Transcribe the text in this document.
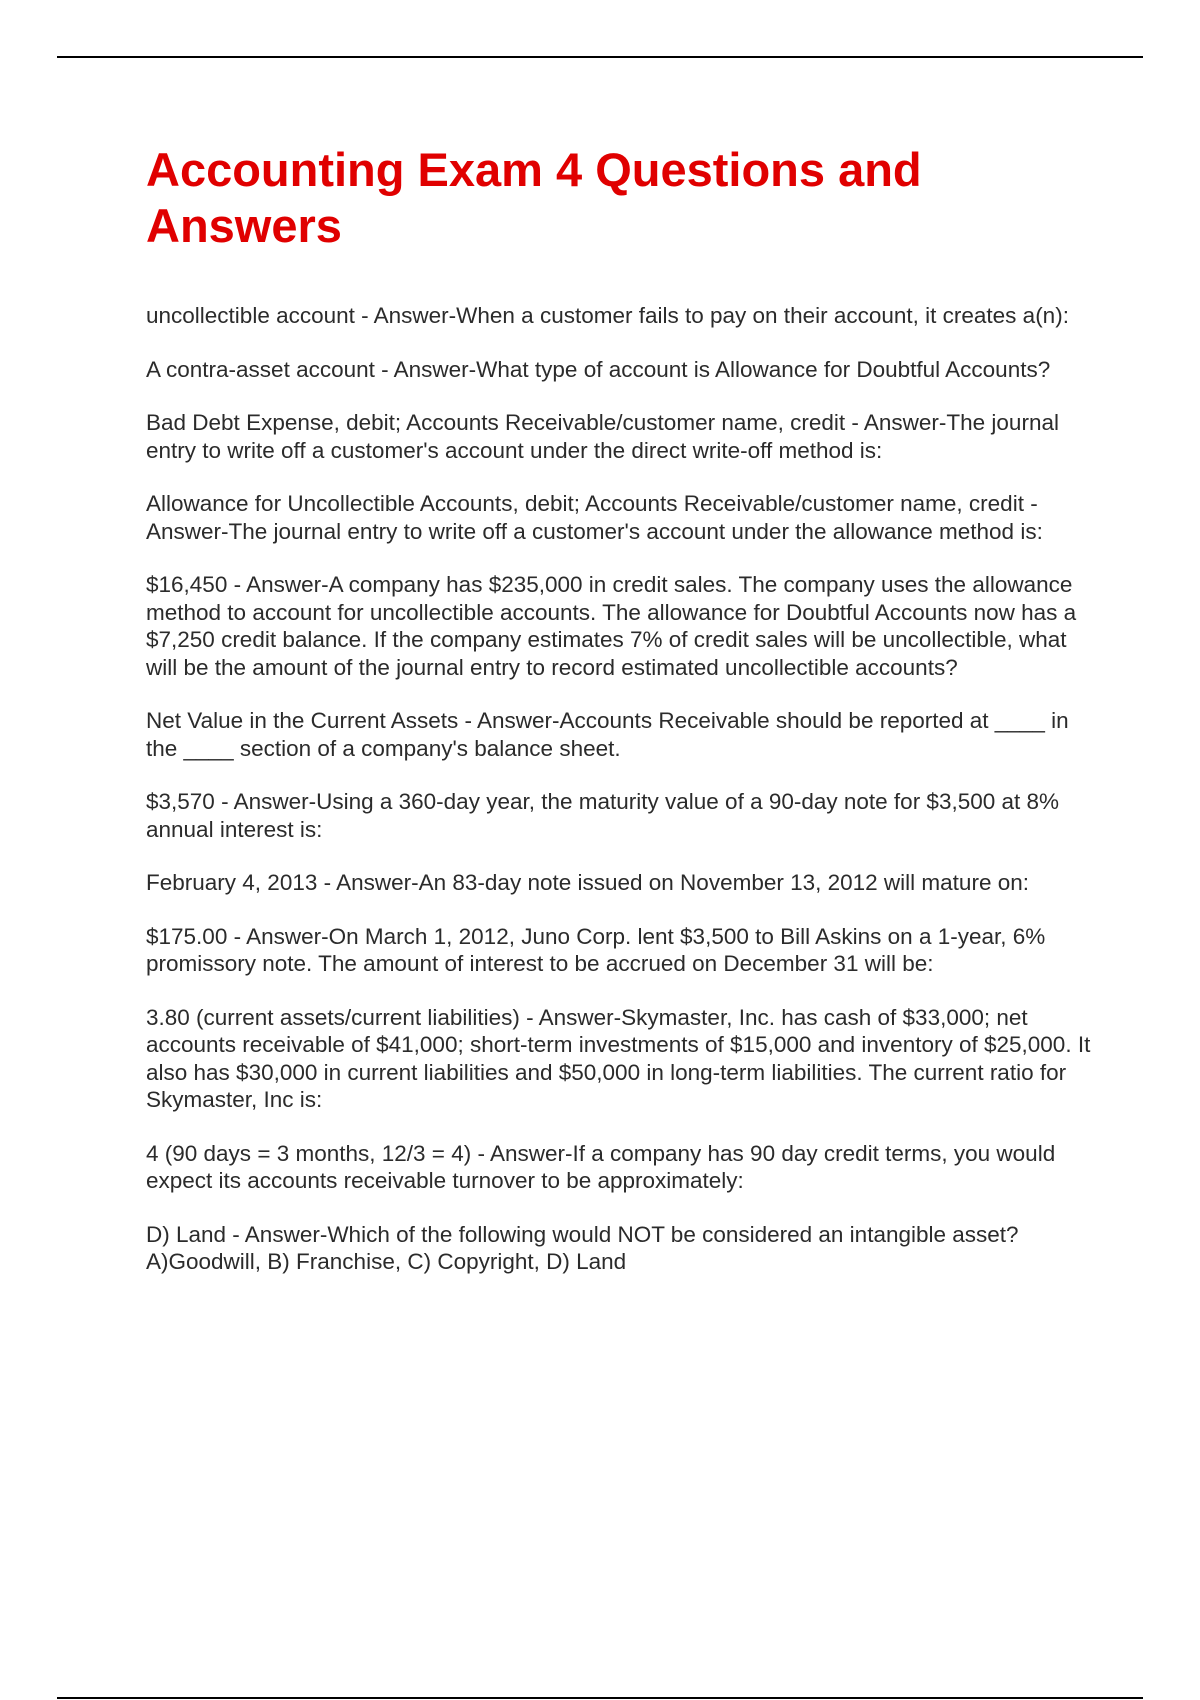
Accounting Exam 4 Questions and Answers

uncollectible account - Answer-When a customer fails to pay on their account, it creates a(n):

A contra-asset account - Answer-What type of account is Allowance for Doubtful Accounts?

Bad Debt Expense, debit; Accounts Receivable/customer name, credit - Answer-The journal entry to write off a customer's account under the direct write-off method is:

Allowance for Uncollectible Accounts, debit; Accounts Receivable/customer name, credit - Answer-The journal entry to write off a customer's account under the allowance method is:

$16,450 - Answer-A company has $235,000 in credit sales. The company uses the allowance method to account for uncollectible accounts. The allowance for Doubtful Accounts now has a $7,250 credit balance. If the company estimates 7% of credit sales will be uncollectible, what will be the amount of the journal entry to record estimated uncollectible accounts?

Net Value in the Current Assets - Answer-Accounts Receivable should be reported at ____ in the ____ section of a company's balance sheet.

$3,570 - Answer-Using a 360-day year, the maturity value of a 90-day note for $3,500 at 8% annual interest is:

February 4, 2013 - Answer-An 83-day note issued on November 13, 2012 will mature on:

$175.00 - Answer-On March 1, 2012, Juno Corp. lent $3,500 to Bill Askins on a 1-year, 6% promissory note. The amount of interest to be accrued on December 31 will be:

3.80 (current assets/current liabilities) - Answer-Skymaster, Inc. has cash of $33,000; net accounts receivable of $41,000; short-term investments of $15,000 and inventory of $25,000. It also has $30,000 in current liabilities and $50,000 in long-term liabilities. The current ratio for Skymaster, Inc is:

4 (90 days = 3 months, 12/3 = 4) - Answer-If a company has 90 day credit terms, you would expect its accounts receivable turnover to be approximately:

D) Land - Answer-Which of the following would NOT be considered an intangible asset? A)Goodwill, B) Franchise, C) Copyright, D) Land
